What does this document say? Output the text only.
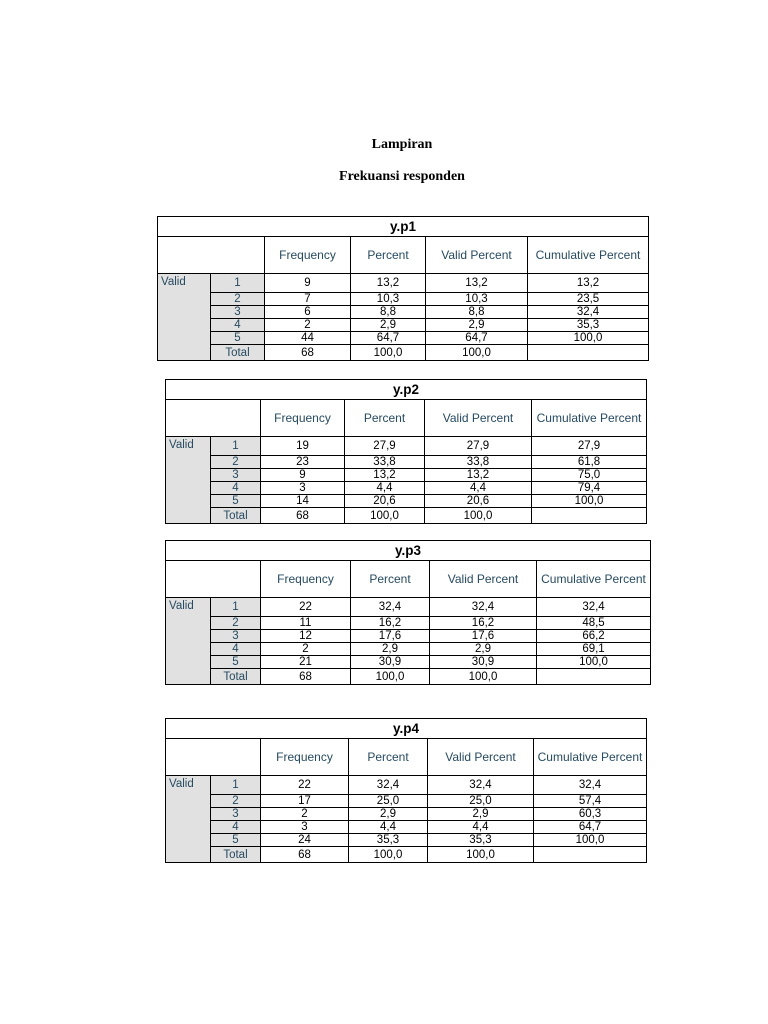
Lampiran
Frekuansi responden
y.p1					
		Frequency	Percent	Valid Percent	Cumulative Percent
Valid	1	9	13,2	13,2	13,2
	2	7	10,3	10,3	23,5
	3	6	8,8	8,8	32,4
	4	2	2,9	2,9	35,3
	5	44	64,7	64,7	100,0
	Total	68	100,0	100,0	
y.p2					
		Frequency	Percent	Valid Percent	Cumulative Percent
Valid	1	19	27,9	27,9	27,9
	2	23	33,8	33,8	61,8
	3	9	13,2	13,2	75,0
	4	3	4,4	4,4	79,4
	5	14	20,6	20,6	100,0
	Total	68	100,0	100,0	
y.p3					
		Frequency	Percent	Valid Percent	Cumulative Percent
Valid	1	22	32,4	32,4	32,4
	2	11	16,2	16,2	48,5
	3	12	17,6	17,6	66,2
	4	2	2,9	2,9	69,1
	5	21	30,9	30,9	100,0
	Total	68	100,0	100,0	
y.p4					
		Frequency	Percent	Valid Percent	Cumulative Percent
Valid	1	22	32,4	32,4	32,4
	2	17	25,0	25,0	57,4
	3	2	2,9	2,9	60,3
	4	3	4,4	4,4	64,7
	5	24	35,3	35,3	100,0
	Total	68	100,0	100,0	
